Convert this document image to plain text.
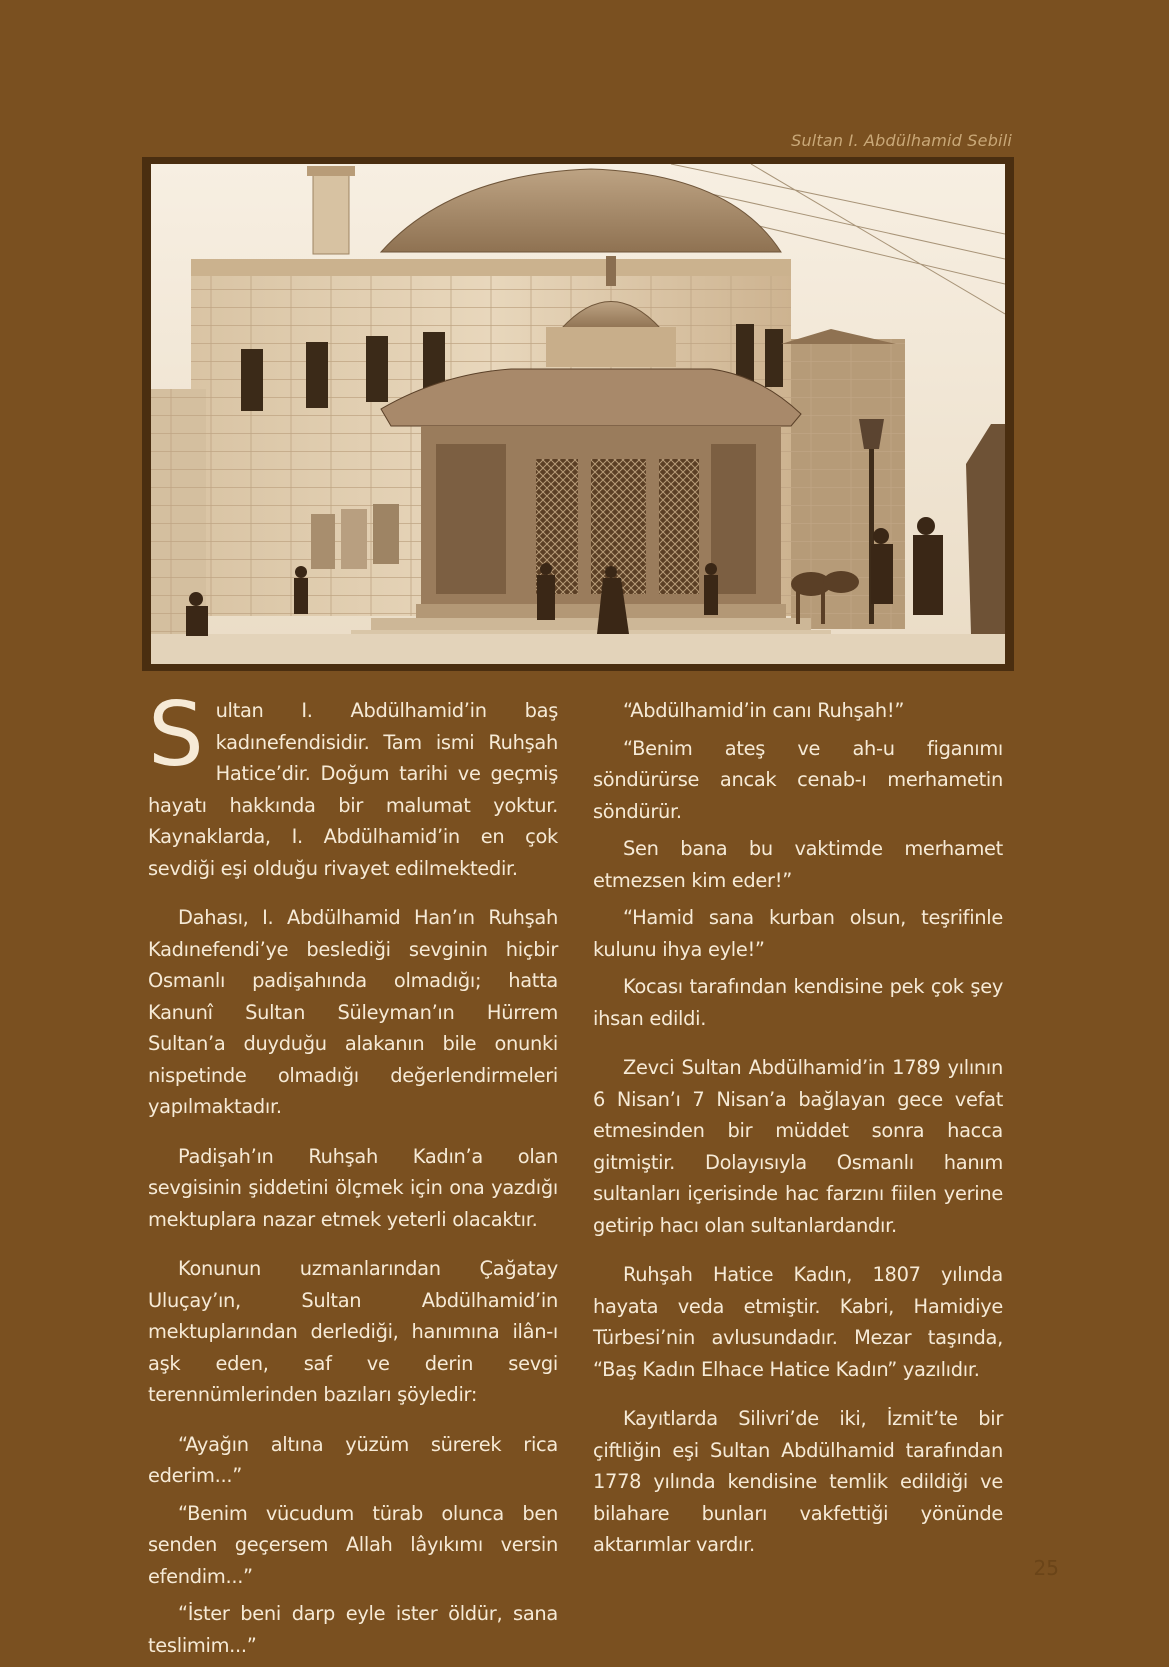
Sultan I. Abdülhamid Sebili

Sultan I. Abdülhamid’in baş kadınefendisidir. Tam ismi Ruhşah Hatice’dir. Doğum tarihi ve geçmiş hayatı hakkında bir malumat yoktur. Kaynaklarda, I. Abdülhamid’in en çok sevdiği eşi olduğu rivayet edilmektedir.

Dahası, I. Abdülhamid Han’ın Ruhşah Kadınefendi’ye beslediği sevginin hiçbir Osmanlı padişahında olmadığı; hatta Kanunî Sultan Süleyman’ın Hürrem Sultan’a duyduğu alakanın bile onunki nispetinde olmadığı değerlendirmeleri yapılmaktadır.

Padişah’ın Ruhşah Kadın’a olan sevgisinin şiddetini ölçmek için ona yazdığı mektuplara nazar etmek yeterli olacaktır.

Konunun uzmanlarından Çağatay Uluçay’ın, Sultan Abdülhamid’in mektuplarından derlediği, hanımına ilân-ı aşk eden, saf ve derin sevgi terennümlerinden bazıları şöyledir:

“Ayağın altına yüzüm sürerek rica ederim...”

“Benim vücudum türab olunca ben senden geçersem Allah lâyıkımı versin efendim...”

“İster beni darp eyle ister öldür, sana teslimim...”

“Abdülhamid’in canı Ruhşah!”

“Benim ateş ve ah-u figanımı söndürürse ancak cenab-ı merhametin söndürür.

Sen bana bu vaktimde merhamet etmezsen kim eder!”

“Hamid sana kurban olsun, teşrifinle kulunu ihya eyle!”

Kocası tarafından kendisine pek çok şey ihsan edildi.

Zevci Sultan Abdülhamid’in 1789 yılının 6 Nisan’ı 7 Nisan’a bağlayan gece vefat etmesinden bir müddet sonra hacca gitmiştir. Dolayısıyla Osmanlı hanım sultanları içerisinde hac farzını fiilen yerine getirip hacı olan sultanlardandır.

Ruhşah Hatice Kadın, 1807 yılında hayata veda etmiştir. Kabri, Hamidiye Türbesi’nin avlusundadır. Mezar taşında, “Baş Kadın Elhace Hatice Kadın” yazılıdır.

Kayıtlarda Silivri’de iki, İzmit’te bir çiftliğin eşi Sultan Abdülhamid tarafından 1778 yılında kendisine temlik edildiği ve bilahare bunları vakfettiği yönünde aktarımlar vardır.

25
